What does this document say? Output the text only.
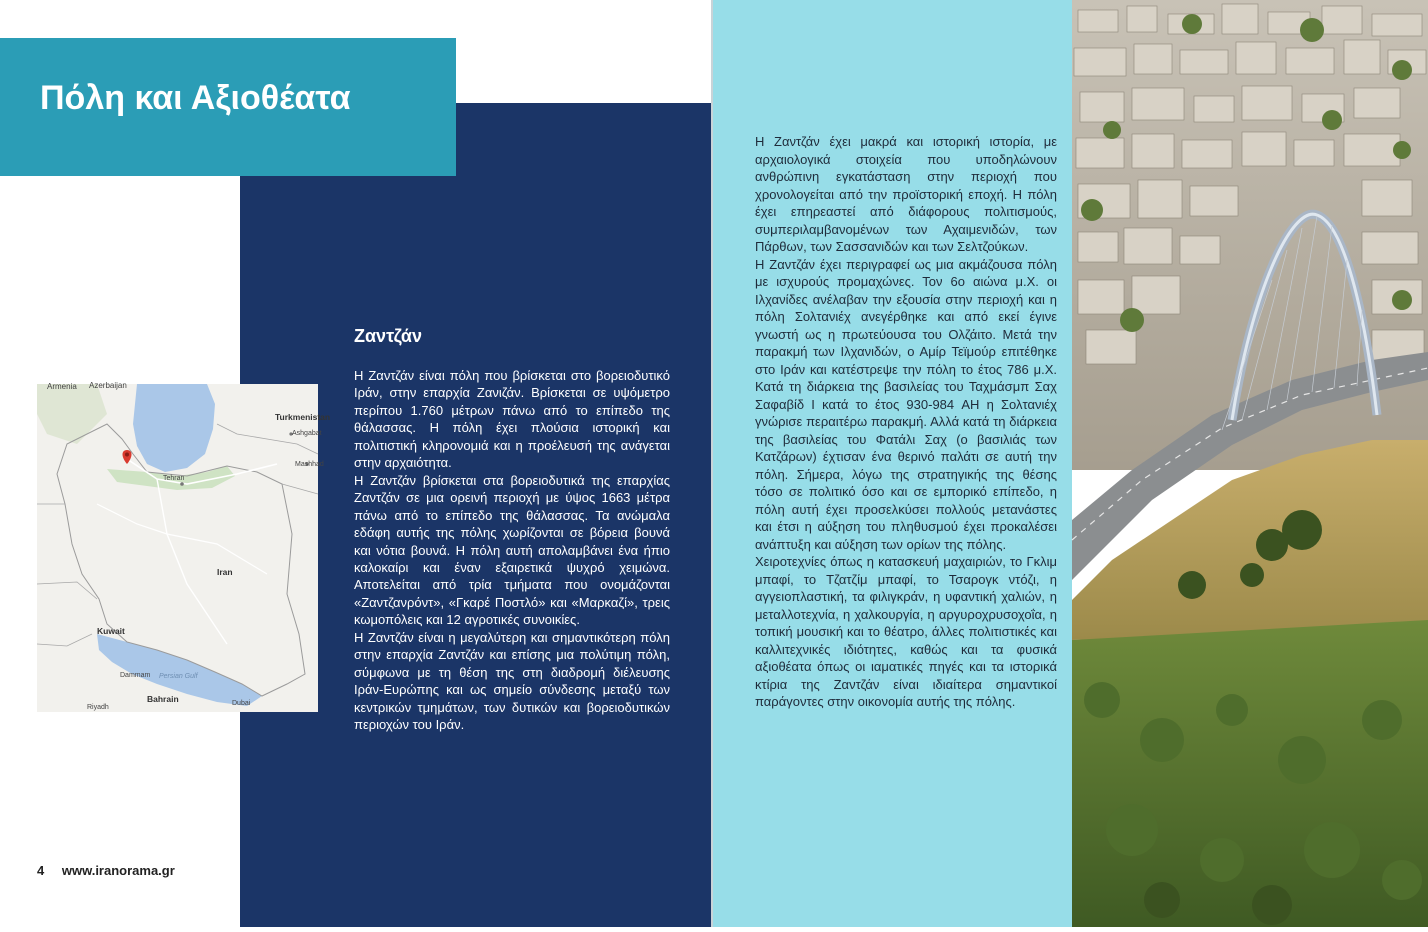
Πόλη και Αξιοθέατα
Armenia Azerbaijan
Turkmenistan
Ashgabat
Mashhad
Tehran
Iran
Kuwait
Dammam Persian Gulf
Bahrain	Dubai
Riyadh
Ζαντζάν

Η Ζαντζάν είναι πόλη που βρίσκεται στο βορειοδυτικό Ιράν, στην επαρχία Ζανιζάν. Βρίσκεται σε υψόμετρο περίπου 1.760 μέτρων πάνω από το επίπεδο της θάλασσας. Η πόλη έχει πλούσια ιστορική και πολιτιστική κληρονομιά και η προέλευσή της ανάγεται στην αρχαιότητα.

Η Ζαντζάν βρίσκεται στα βορειοδυτικά της επαρχίας Ζαντζάν σε μια ορεινή περιοχή με ύψος 1663 μέτρα πάνω από το επίπεδο της θάλασσας. Τα ανώμαλα εδάφη αυτής της πόλης χωρίζονται σε βόρεια βουνά και νότια βουνά. Η πόλη αυτή απολαμβάνει ένα ήπιο καλοκαίρι και έναν εξαιρετικά ψυχρό χειμώνα. Αποτελείται από τρία τμήματα που ονομάζονται «Ζαντζανρόντ», «Γκαρέ Ποστλό» και «Μαρκαζί», τρεις κωμοπόλεις και 12 αγροτικές συνοικίες.

Η Ζαντζάν είναι η μεγαλύτερη και σημαντικότερη πόλη στην επαρχία Ζαντζάν και επίσης μια πολύτιμη πόλη, σύμφωνα με τη θέση της στη διαδρομή διέλευσης Ιράν-Ευρώπης και ως σημείο σύνδεσης μεταξύ των κεντρικών τμημάτων, των δυτικών και βορειοδυτικών περιοχών του Ιράν.

4 www.iranorama.gr

Η Ζαντζάν έχει μακρά και ιστορική ιστορία, με αρχαιολογικά στοιχεία που υποδηλώνουν ανθρώπινη εγκατάσταση στην περιοχή που χρονολογείται από την προϊστορική εποχή. Η πόλη έχει επηρεαστεί από διάφορους πολιτισμούς, συμπεριλαμβανομένων των Αχαιμενιδών, των Πάρθων, των Σασσανιδών και των Σελτζούκων.

Η Ζαντζάν έχει περιγραφεί ως μια ακμάζουσα πόλη με ισχυρούς προμαχώνες. Τον 6ο αιώνα μ.Χ. οι Ιλχανίδες ανέλαβαν την εξουσία στην περιοχή και η πόλη Σολτανιέχ ανεγέρθηκε και από εκεί έγινε γνωστή ως η πρωτεύουσα του Ολζάιτο. Μετά την παρακμή των Ιλχανιδών, ο Αμίρ Τεϊμούρ επιτέθηκε στο Ιράν και κατέστρεψε την πόλη το έτος 786 μ.Χ. Κατά τη διάρκεια της βασιλείας του Ταχμάσμπ Σαχ Σαφαβίδ Ι κατά το έτος 930-984 AH η Σολτανιέχ γνώρισε περαιτέρω παρακμή. Αλλά κατά τη διάρκεια της βασιλείας του Φατάλι Σαχ (ο βασιλιάς των Κατζάρων) έχτισαν ένα θερινό παλάτι σε αυτή την πόλη. Σήμερα, λόγω της στρατηγικής της θέσης τόσο σε πολιτικό όσο και σε εμπορικό επίπεδο, η πόλη αυτή έχει προσελκύσει πολλούς μετανάστες και έτσι η αύξηση του πληθυσμού έχει προκαλέσει ανάπτυξη και αύξηση των ορίων της πόλης.

Χειροτεχνίες όπως η κατασκευή μαχαιριών, το Γκλιμ μπαφί, το Τζατζίμ μπαφί, το Τσαρογκ ντόζι, η αγγειοπλαστική, τα φιλιγκράν, η υφαντική χαλιών, η μεταλλοτεχνία, η χαλκουργία, η αργυροχρυσοχοΐα, η τοπική μουσική και το θέατρο, άλλες πολιτιστικές και καλλιτεχνικές ιδιότητες, καθώς και τα φυσικά αξιοθέατα όπως οι ιαματικές πηγές και τα ιστορικά κτίρια της Ζαντζάν είναι ιδιαίτερα σημαντικοί παράγοντες στην οικονομία αυτής της πόλης.
